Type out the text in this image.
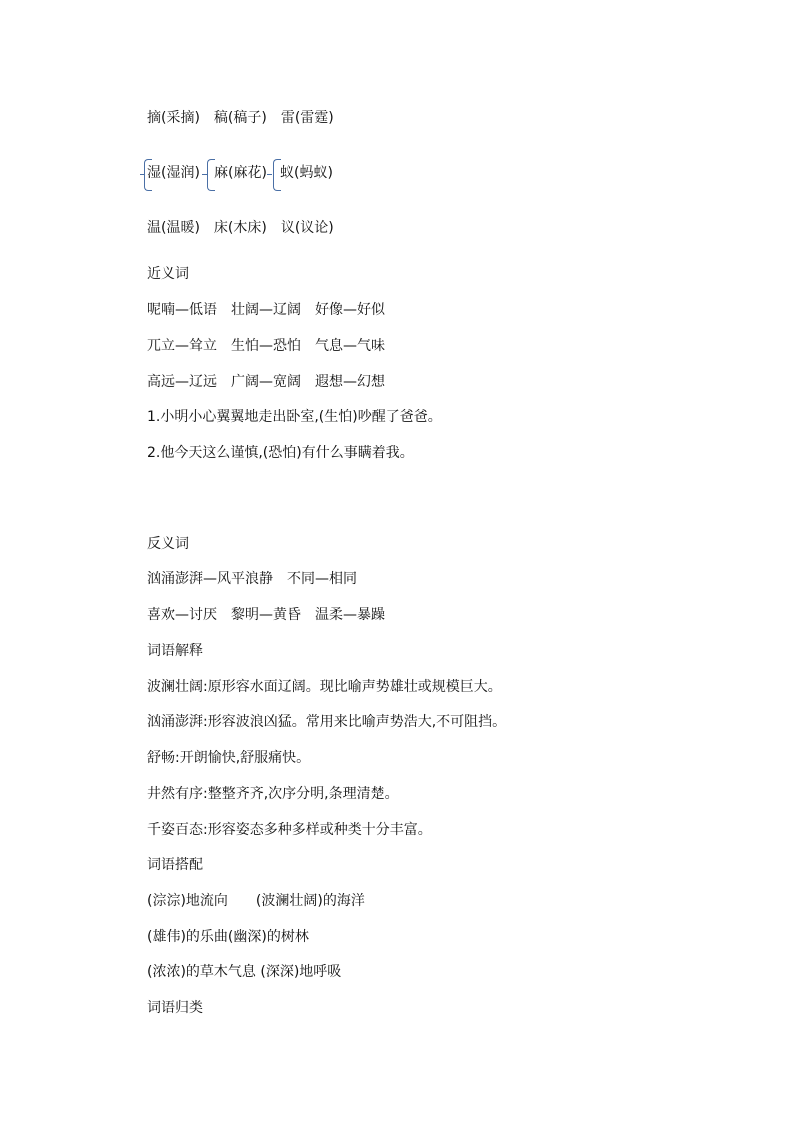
摘(采摘)　稿(稿子)　雷(雷霆)
湿(湿润) 麻(麻花) 蚁(蚂蚁)
温(温暖)　床(木床)　议(议论)
近义词
呢喃—低语　壮阔—辽阔　好像—好似
兀立—耸立　生怕—恐怕　气息—气味
高远—辽远　广阔—宽阔　遐想—幻想
1.小明小心翼翼地走出卧室,(生怕)吵醒了爸爸。
2.他今天这么谨慎,(恐怕)有什么事瞒着我。
反义词
汹涌澎湃—风平浪静　不同—相同
喜欢—讨厌　黎明—黄昏　温柔—暴躁
词语解释
波澜壮阔:原形容水面辽阔。现比喻声势雄壮或规模巨大。
汹涌澎湃:形容波浪凶猛。常用来比喻声势浩大,不可阻挡。
舒畅:开朗愉快,舒服痛快。
井然有序:整整齐齐,次序分明,条理清楚。
千姿百态:形容姿态多种多样或种类十分丰富。
词语搭配
(淙淙)地流向　　(波澜壮阔)的海洋
(雄伟)的乐曲(幽深)的树林
(浓浓)的草木气息 (深深)地呼吸
词语归类
